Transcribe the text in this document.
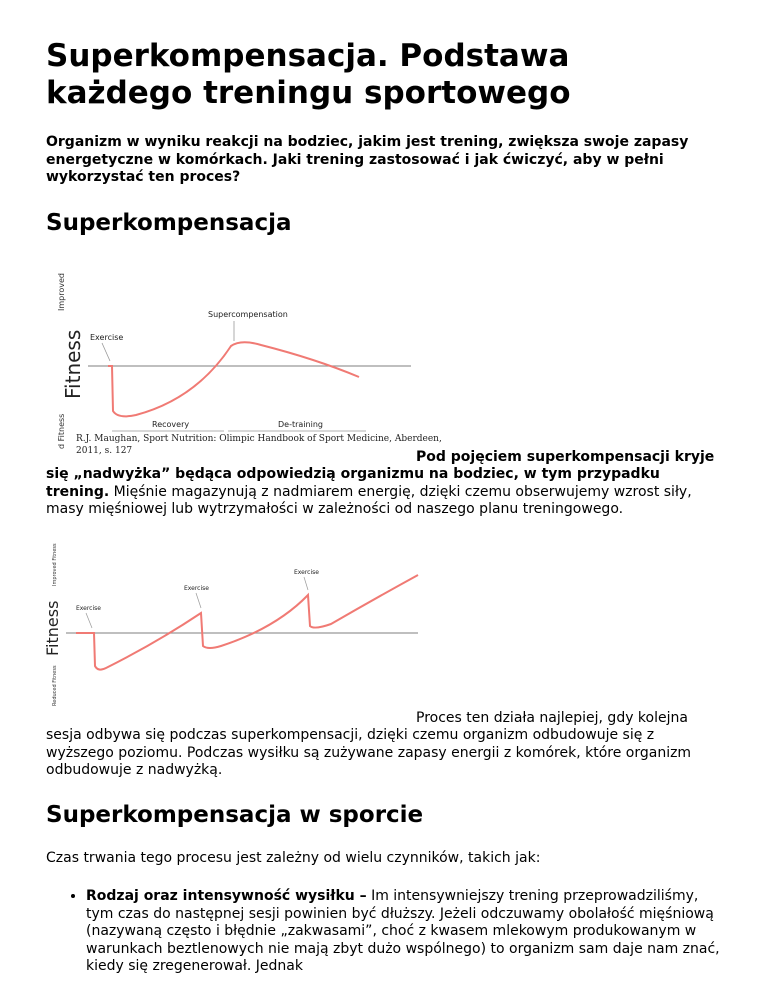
Superkompensacja. Podstawa każdego treningu sportowego

Organizm w wyniku reakcji na bodziec, jakim jest trening, zwiększa swoje zapasy energetyczne w komórkach. Jaki trening zastosować i jak ćwiczyć, aby w pełni wykorzystać ten proces?

Superkompensacja
Fitness
Improved
d Fitness
Exercise
Supercompensation
Recovery	De-training
R.J. Maughan, Sport Nutrition: Olimpic Handbook of Sport Medicine, Aberdeen,
2011, s. 127	Pod pojęciem superkompensacji kryje się „nadwyżka” będąca odpowiedzią organizmu na bodziec, w tym przypadku trening. Mięśnie magazynują z nadmiarem energię, dzięki czemu obserwujemy wzrost siły, masy mięśniowej lub wytrzymałości w zależności od naszego planu treningowego.

Fitness
Improved Fitness
Reduced Fitness
Exercise
Exercise
Exercise

Proces ten działa najlepiej, gdy kolejna sesja odbywa się podczas superkompensacji, dzięki czemu organizm odbudowuje się z wyższego poziomu. Podczas wysiłku są zużywane zapasy energii z komórek, które organizm odbudowuje z nadwyżką.

Superkompensacja w sporcie

Czas trwania tego procesu jest zależny od wielu czynników, takich jak:

• Rodzaj oraz intensywność wysiłku – Im intensywniejszy trening przeprowadziliśmy, tym czas do następnej sesji powinien być dłuższy. Jeżeli odczuwamy obolałość mięśniową (nazywaną często i błędnie „zakwasami”, choć z kwasem mlekowym produkowanym w warunkach beztlenowych nie mają zbyt dużo wspólnego) to organizm sam daje nam znać, kiedy się zregenerował. Jednak
